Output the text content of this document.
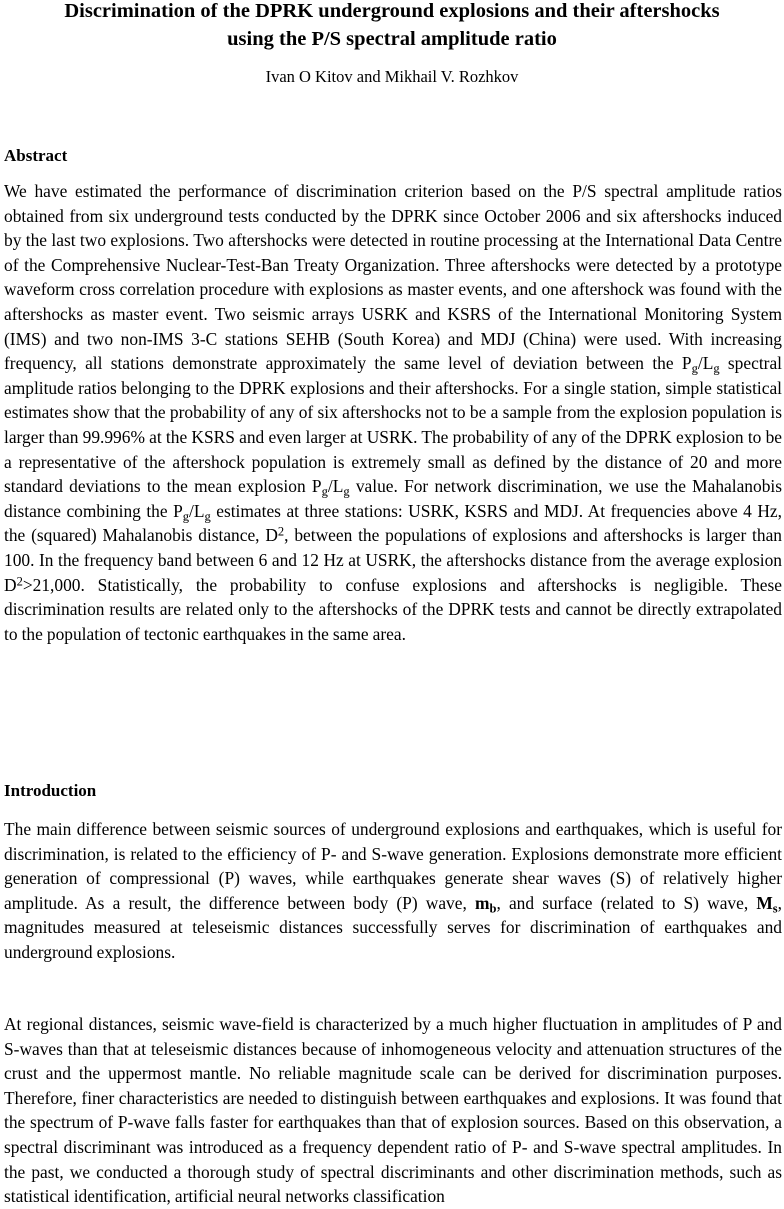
Discrimination of the DPRK underground explosions and their aftershocks
using the P/S spectral amplitude ratio
Ivan O Kitov and Mikhail V. Rozhkov
Abstract

We have estimated the performance of discrimination criterion based on the P/S spectral amplitude ratios obtained from six underground tests conducted by the DPRK since October 2006 and six aftershocks induced by the last two explosions. Two aftershocks were detected in routine processing at the International Data Centre of the Comprehensive Nuclear-Test-Ban Treaty Organization. Three aftershocks were detected by a prototype waveform cross correlation procedure with explosions as master events, and one aftershock was found with the aftershocks as master event. Two seismic arrays USRK and KSRS of the International Monitoring System (IMS) and two non-IMS 3-C stations SEHB (South Korea) and MDJ (China) were used. With increasing frequency, all stations demonstrate approximately the same level of deviation between the $P_g/L_g$ spectral amplitude ratios belonging to the DPRK explosions and their aftershocks. For a single station, simple statistical estimates show that the probability of any of six aftershocks not to be a sample from the explosion population is larger than 99.996% at the KSRS and even larger at USRK. The probability of any of the DPRK explosion to be a representative of the aftershock population is extremely small as defined by the distance of 20 and more standard deviations to the mean explosion $P_g/L_g$ value. For network discrimination, we use the Mahalanobis distance combining the $P_g/L_g$ estimates at three stations: USRK, KSRS and MDJ. At frequencies above 4 Hz, the (squared) Mahalanobis distance, $D^2$, between the populations of explosions and aftershocks is larger than 100. In the frequency band between 6 and 12 Hz at USRK, the aftershocks distance from the average explosion $D^2>21,000$. Statistically, the probability to confuse explosions and aftershocks is negligible. These discrimination results are related only to the aftershocks of the DPRK tests and cannot be directly extrapolated to the population of tectonic earthquakes in the same area.

Introduction

The main difference between seismic sources of underground explosions and earthquakes, which is useful for discrimination, is related to the efficiency of P- and S-wave generation. Explosions demonstrate more efficient generation of compressional (P) waves, while earthquakes generate shear waves (S) of relatively higher amplitude. As a result, the difference between body (P) wave, $m_b$, and surface (related to S) wave, $M_s$, magnitudes measured at teleseismic distances successfully serves for discrimination of earthquakes and underground explosions.

At regional distances, seismic wave-field is characterized by a much higher fluctuation in amplitudes of P and S-waves than that at teleseismic distances because of inhomogeneous velocity and attenuation structures of the crust and the uppermost mantle. No reliable magnitude scale can be derived for discrimination purposes. Therefore, finer characteristics are needed to distinguish between earthquakes and explosions. It was found that the spectrum of P-wave falls faster for earthquakes than that of explosion sources. Based on this observation, a spectral discriminant was introduced as a frequency dependent ratio of P- and S-wave spectral amplitudes. In the past, we conducted a thorough study of spectral discriminants and other discrimination methods, such as statistical identification, artificial neural networks classification
